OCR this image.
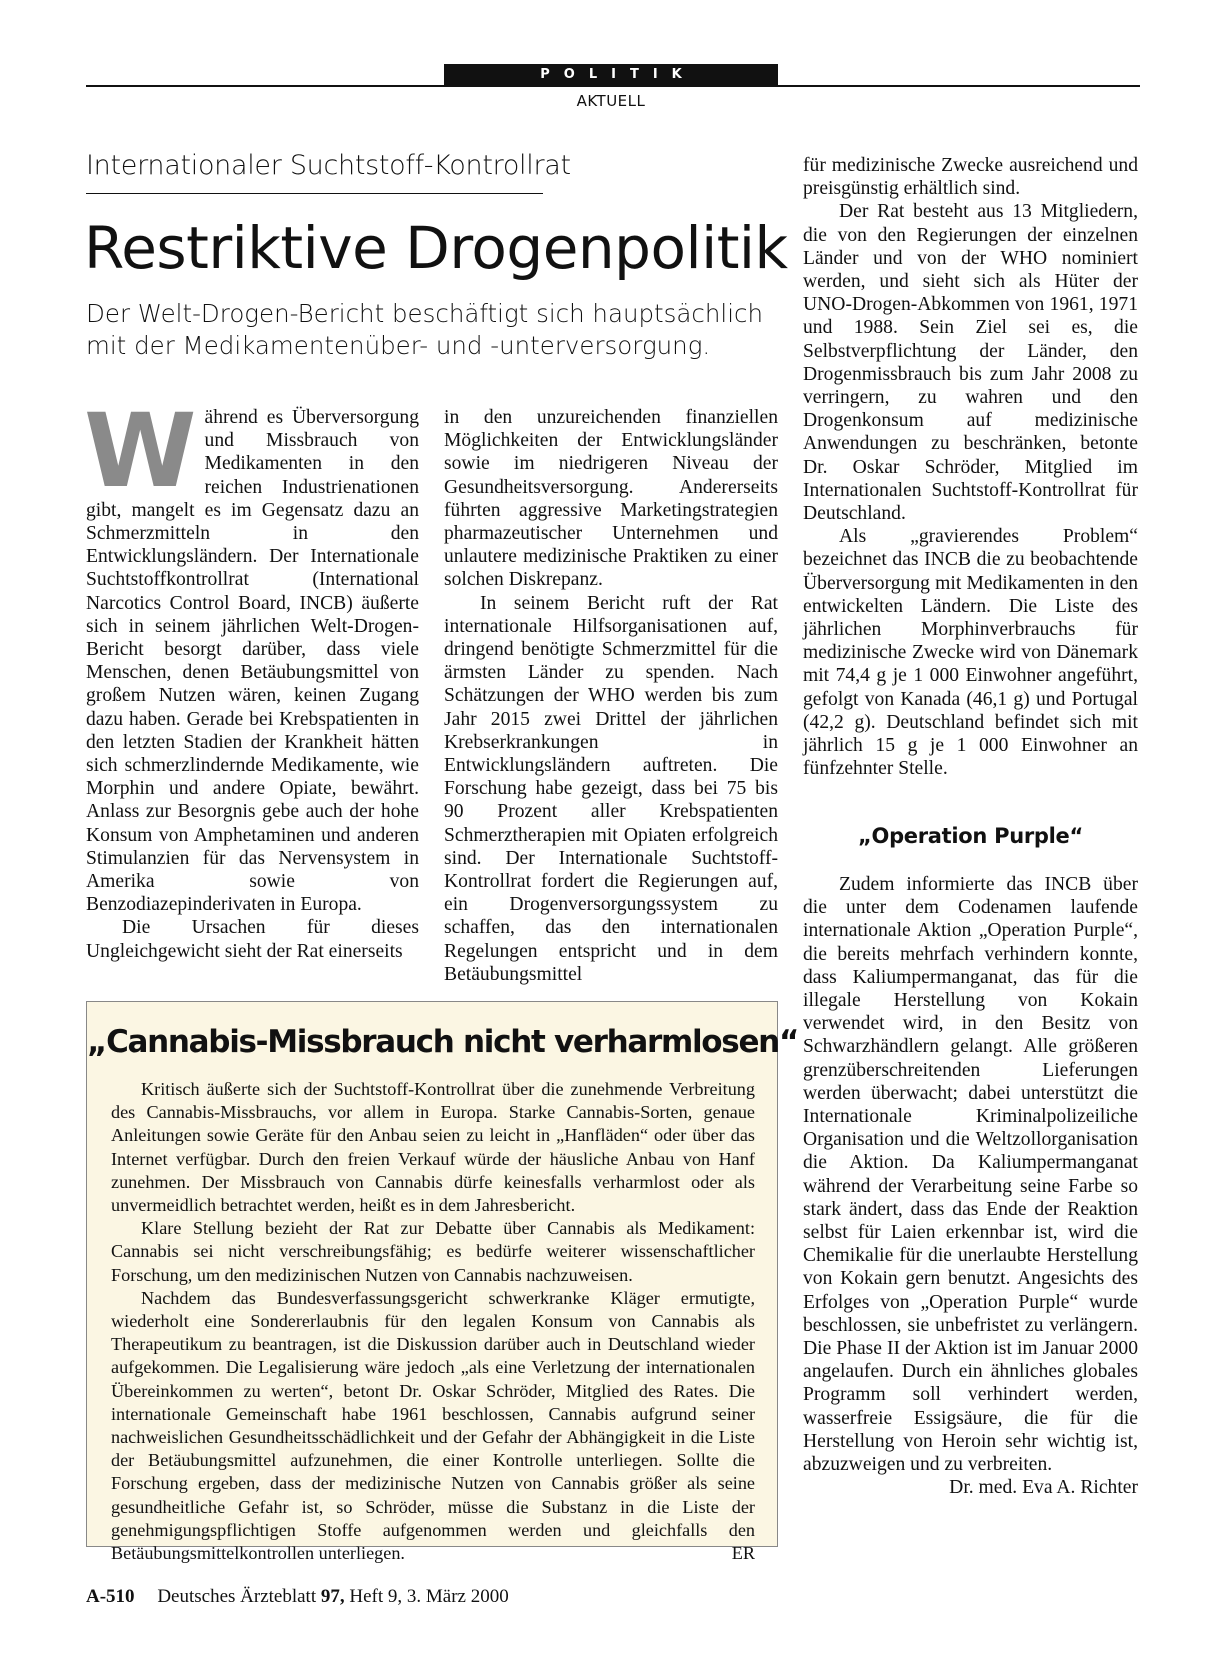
POLITIK
AKTUELL
Internationaler Suchtstoff-Kontrollrat
Restriktive Drogenpolitik
Der Welt-Drogen-Bericht beschäftigt sich hauptsächlich mit der Medikamentenüber- und -unterversorgung.
W ährend es Überversorgung und Missbrauch von Medikamenten in den reichen Industrienationen gibt, mangelt es im Gegensatz dazu an Schmerzmitteln in den Entwicklungsländern. Der Internationale Suchtstoffkontrollrat (International Narcotics Control Board, INCB) äußerte sich in seinem jährlichen Welt-Drogen-Bericht besorgt darüber, dass viele Menschen, denen Betäubungsmittel von großem Nutzen wären, keinen Zugang dazu haben. Gerade bei Krebspatienten in den letzten Stadien der Krankheit hätten sich schmerzlindernde Medikamente, wie Morphin und andere Opiate, bewährt. Anlass zur Besorgnis gebe auch der hohe Konsum von Amphetaminen und anderen Stimulanzien für das Nervensystem in Amerika sowie von Benzodiazepinderivaten in Europa.

Die Ursachen für dieses Ungleichgewicht sieht der Rat einerseits

in den unzureichenden finanziellen Möglichkeiten der Entwicklungsländer sowie im niedrigeren Niveau der Gesundheitsversorgung. Andererseits führten aggressive Marketingstrategien pharmazeutischer Unternehmen und unlautere medizinische Praktiken zu einer solchen Diskrepanz.

In seinem Bericht ruft der Rat internationale Hilfsorganisationen auf, dringend benötigte Schmerzmittel für die ärmsten Länder zu spenden. Nach Schätzungen der WHO werden bis zum Jahr 2015 zwei Drittel der jährlichen Krebserkrankungen in Entwicklungsländern auftreten. Die Forschung habe gezeigt, dass bei 75 bis 90 Prozent aller Krebspatienten Schmerztherapien mit Opiaten erfolgreich sind. Der Internationale Suchtstoff-Kontrollrat fordert die Regierungen auf, ein Drogenversorgungssystem zu schaffen, das den internationalen Regelungen entspricht und in dem Betäubungsmittel

für medizinische Zwecke ausreichend und preisgünstig erhältlich sind.

Der Rat besteht aus 13 Mitgliedern, die von den Regierungen der einzelnen Länder und von der WHO nominiert werden, und sieht sich als Hüter der UNO-Drogen-Abkommen von 1961, 1971 und 1988. Sein Ziel sei es, die Selbstverpflichtung der Länder, den Drogenmissbrauch bis zum Jahr 2008 zu verringern, zu wahren und den Drogenkonsum auf medizinische Anwendungen zu beschränken, betonte Dr. Oskar Schröder, Mitglied im Internationalen Suchtstoff-Kontrollrat für Deutschland.

Als „gravierendes Problem“ bezeichnet das INCB die zu beobachtende Überversorgung mit Medikamenten in den entwickelten Ländern. Die Liste des jährlichen Morphinverbrauchs für medizinische Zwecke wird von Dänemark mit 74,4 g je 1 000 Einwohner angeführt, gefolgt von Kanada (46,1 g) und Portugal (42,2 g). Deutschland befindet sich mit jährlich 15 g je 1 000 Einwohner an fünfzehnter Stelle.

„Operation Purple“

Zudem informierte das INCB über die unter dem Codenamen laufende internationale Aktion „Operation Purple“, die bereits mehrfach verhindern konnte, dass Kaliumpermanganat, das für die illegale Herstellung von Kokain verwendet wird, in den Besitz von Schwarzhändlern gelangt. Alle größeren grenzüberschreitenden Lieferungen werden überwacht; dabei unterstützt die Internationale Kriminalpolizeiliche Organisation und die Weltzollorganisation die Aktion. Da Kaliumpermanganat während der Verarbeitung seine Farbe so stark ändert, dass das Ende der Reaktion selbst für Laien erkennbar ist, wird die Chemikalie für die unerlaubte Herstellung von Kokain gern benutzt. Angesichts des Erfolges von „Operation Purple“ wurde beschlossen, sie unbefristet zu verlängern. Die Phase II der Aktion ist im Januar 2000 angelaufen. Durch ein ähnliches globales Programm soll verhindert werden, wasserfreie Essigsäure, die für die Herstellung von Heroin sehr wichtig ist, abzuzweigen und zu verbreiten.
Dr. med. Eva A. Richter

„Cannabis-Missbrauch nicht verharmlosen“

Kritisch äußerte sich der Suchtstoff-Kontrollrat über die zunehmende Verbreitung des Cannabis-Missbrauchs, vor allem in Europa. Starke Cannabis-Sorten, genaue Anleitungen sowie Geräte für den Anbau seien zu leicht in „Hanfläden“ oder über das Internet verfügbar. Durch den freien Verkauf würde der häusliche Anbau von Hanf zunehmen. Der Missbrauch von Cannabis dürfe keinesfalls verharmlost oder als unvermeidlich betrachtet werden, heißt es in dem Jahresbericht.

Klare Stellung bezieht der Rat zur Debatte über Cannabis als Medikament: Cannabis sei nicht verschreibungsfähig; es bedürfe weiterer wissenschaftlicher Forschung, um den medizinischen Nutzen von Cannabis nachzuweisen.

Nachdem das Bundesverfassungsgericht schwerkranke Kläger ermutigte, wiederholt eine Sondererlaubnis für den legalen Konsum von Cannabis als Therapeutikum zu beantragen, ist die Diskussion darüber auch in Deutschland wieder aufgekommen. Die Legalisierung wäre jedoch „als eine Verletzung der internationalen Übereinkommen zu werten“, betont Dr. Oskar Schröder, Mitglied des Rates. Die internationale Gemeinschaft habe 1961 beschlossen, Cannabis aufgrund seiner nachweislichen Gesundheitsschädlichkeit und der Gefahr der Abhängigkeit in die Liste der Betäubungsmittel aufzunehmen, die einer Kontrolle unterliegen. Sollte die Forschung ergeben, dass der medizinische Nutzen von Cannabis größer als seine gesundheitliche Gefahr ist, so Schröder, müsse die Substanz in die Liste der genehmigungspflichtigen Stoffe aufgenommen werden und gleichfalls den Betäubungsmittelkontrollen unterliegen.	ER

A-510 Deutsches Ärzteblatt 97, Heft 9, 3. März 2000
